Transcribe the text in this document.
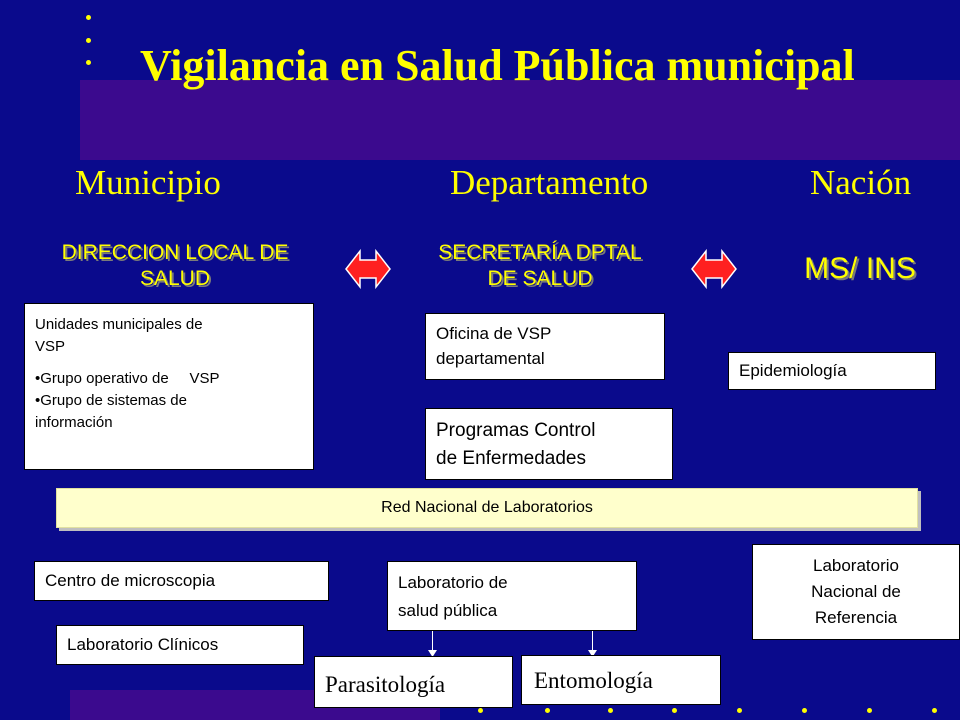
Vigilancia en Salud Pública municipal
Municipio	Departamento	Nación
DIRECCION LOCAL DE
SALUD
SECRETARÍA DPTAL
DE SALUD	MS/ INS

Unidades municipales de

VSP

•Grupo operativo de     VSP

•Grupo de sistemas de

información

Oficina de VSP

departamental

Programas Control

de Enfermedades

Epidemiología
Red Nacional de Laboratorios
Centro de microscopia
Laboratorio Clínicos

Laboratorio de

salud pública

Laboratorio

Nacional de

Referencia

Parasitología	Entomología
